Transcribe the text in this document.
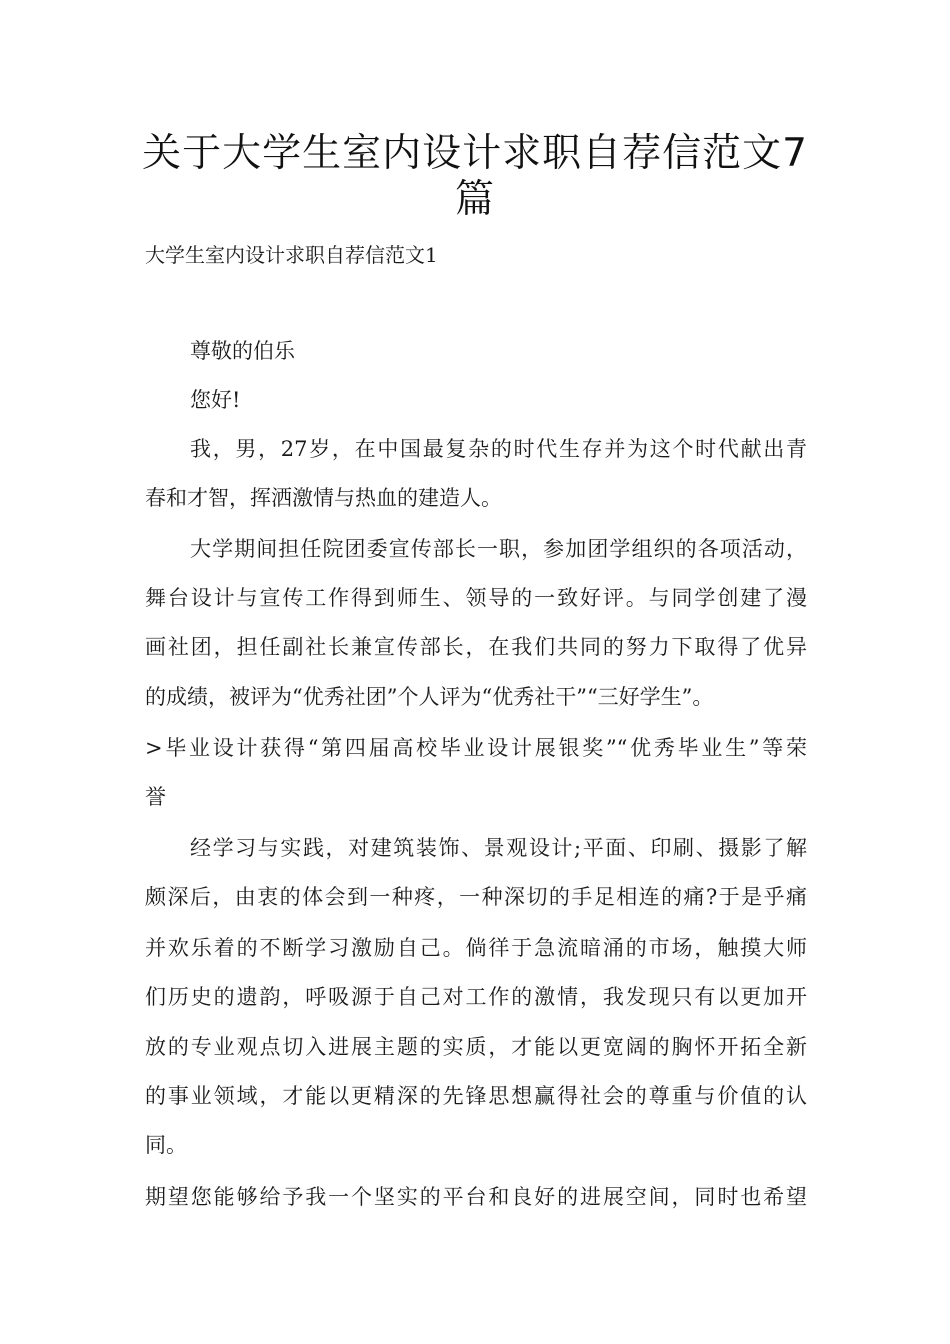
关于大学生室内设计求职自荐信范文7
篇

大学生室内设计求职自荐信范文1

尊敬的伯乐

您好!

我，男，27岁，在中国最复杂的时代生存并为这个时代献出青

春和才智，挥洒激情与热血的建造人。

大学期间担任院团委宣传部长一职，参加团学组织的各项活动，

舞台设计与宣传工作得到师生、领导的一致好评。与同学创建了漫

画社团，担任副社长兼宣传部长，在我们共同的努力下取得了优异

的成绩，被评为“优秀社团”个人评为“优秀社干”“三好学生”。

>毕业设计获得“第四届高校毕业设计展银奖”“优秀毕业生”等荣

誉

经学习与实践，对建筑装饰、景观设计;平面、印刷、摄影了解

颇深后，由衷的体会到一种疼，一种深切的手足相连的痛?于是乎痛

并欢乐着的不断学习激励自己。倘徉于急流暗涌的市场，触摸大师

们历史的遗韵，呼吸源于自己对工作的激情，我发现只有以更加开

放的专业观点切入进展主题的实质，才能以更宽阔的胸怀开拓全新

的事业领域，才能以更精深的先锋思想赢得社会的尊重与价值的认

同。

期望您能够给予我一个坚实的平台和良好的进展空间，同时也希望
